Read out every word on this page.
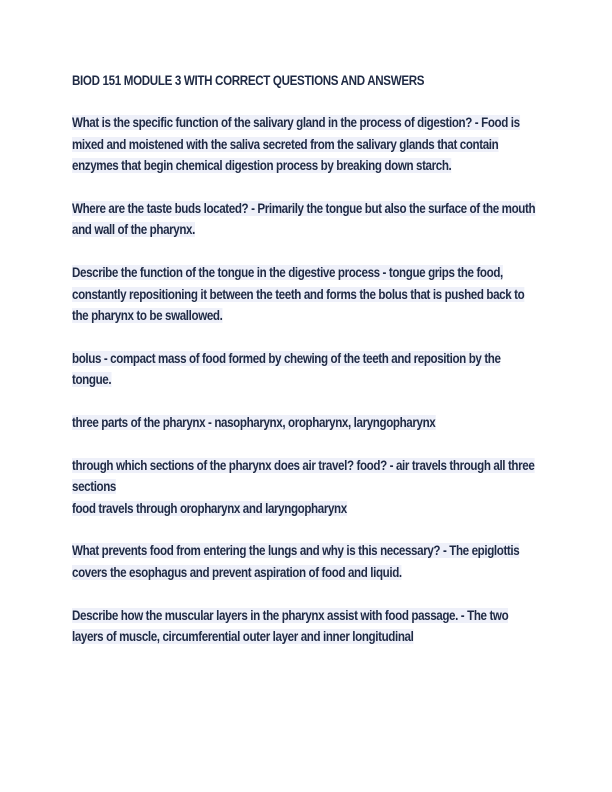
BIOD 151 MODULE 3 WITH CORRECT QUESTIONS AND ANSWERS

What is the specific function of the salivary gland in the process of digestion? - Food is mixed and moistened with the saliva secreted from the salivary glands that contain enzymes that begin chemical digestion process by breaking down starch.

Where are the taste buds located? - Primarily the tongue but also the surface of the mouth and wall of the pharynx.

Describe the function of the tongue in the digestive process - tongue grips the food, constantly repositioning it between the teeth and forms the bolus that is pushed back to the pharynx to be swallowed.

bolus - compact mass of food formed by chewing of the teeth and reposition by the tongue.

three parts of the pharynx - nasopharynx, oropharynx, laryngopharynx

through which sections of the pharynx does air travel? food? - air travels through all three sections

food travels through oropharynx and laryngopharynx

What prevents food from entering the lungs and why is this necessary? - The epiglottis covers the esophagus and prevent aspiration of food and liquid.

Describe how the muscular layers in the pharynx assist with food passage. - The two layers of muscle, circumferential outer layer and inner longitudinal
